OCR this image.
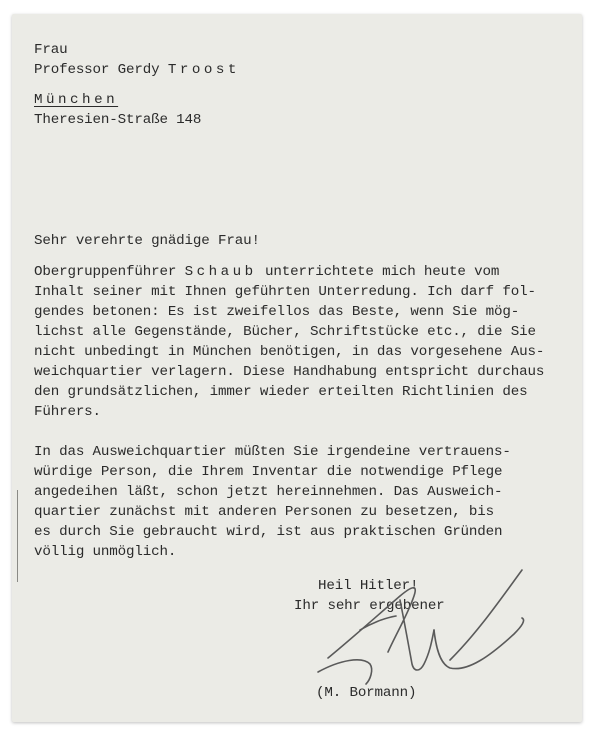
Frau

Professor Gerdy Troost

München

Theresien-Straße 148

Sehr verehrte gnädige Frau!

Obergruppenführer Schaub unterrichtete mich heute vom

Inhalt seiner mit Ihnen geführten Unterredung. Ich darf fol-

gendes betonen: Es ist zweifellos das Beste, wenn Sie mög-

lichst alle Gegenstände, Bücher, Schriftstücke etc., die Sie

nicht unbedingt in München benötigen, in das vorgesehene Aus-

weichquartier verlagern. Diese Handhabung entspricht durchaus

den grundsätzlichen, immer wieder erteilten Richtlinien des

Führers.

In das Ausweichquartier müßten Sie irgendeine vertrauens-

würdige Person, die Ihrem Inventar die notwendige Pflege

angedeihen läßt, schon jetzt hereinnehmen. Das Ausweich-

quartier zunächst mit anderen Personen zu besetzen, bis

es durch Sie gebraucht wird, ist aus praktischen Gründen

völlig unmöglich.

Heil Hitler!

Ihr sehr ergebener

(M. Bormann)
